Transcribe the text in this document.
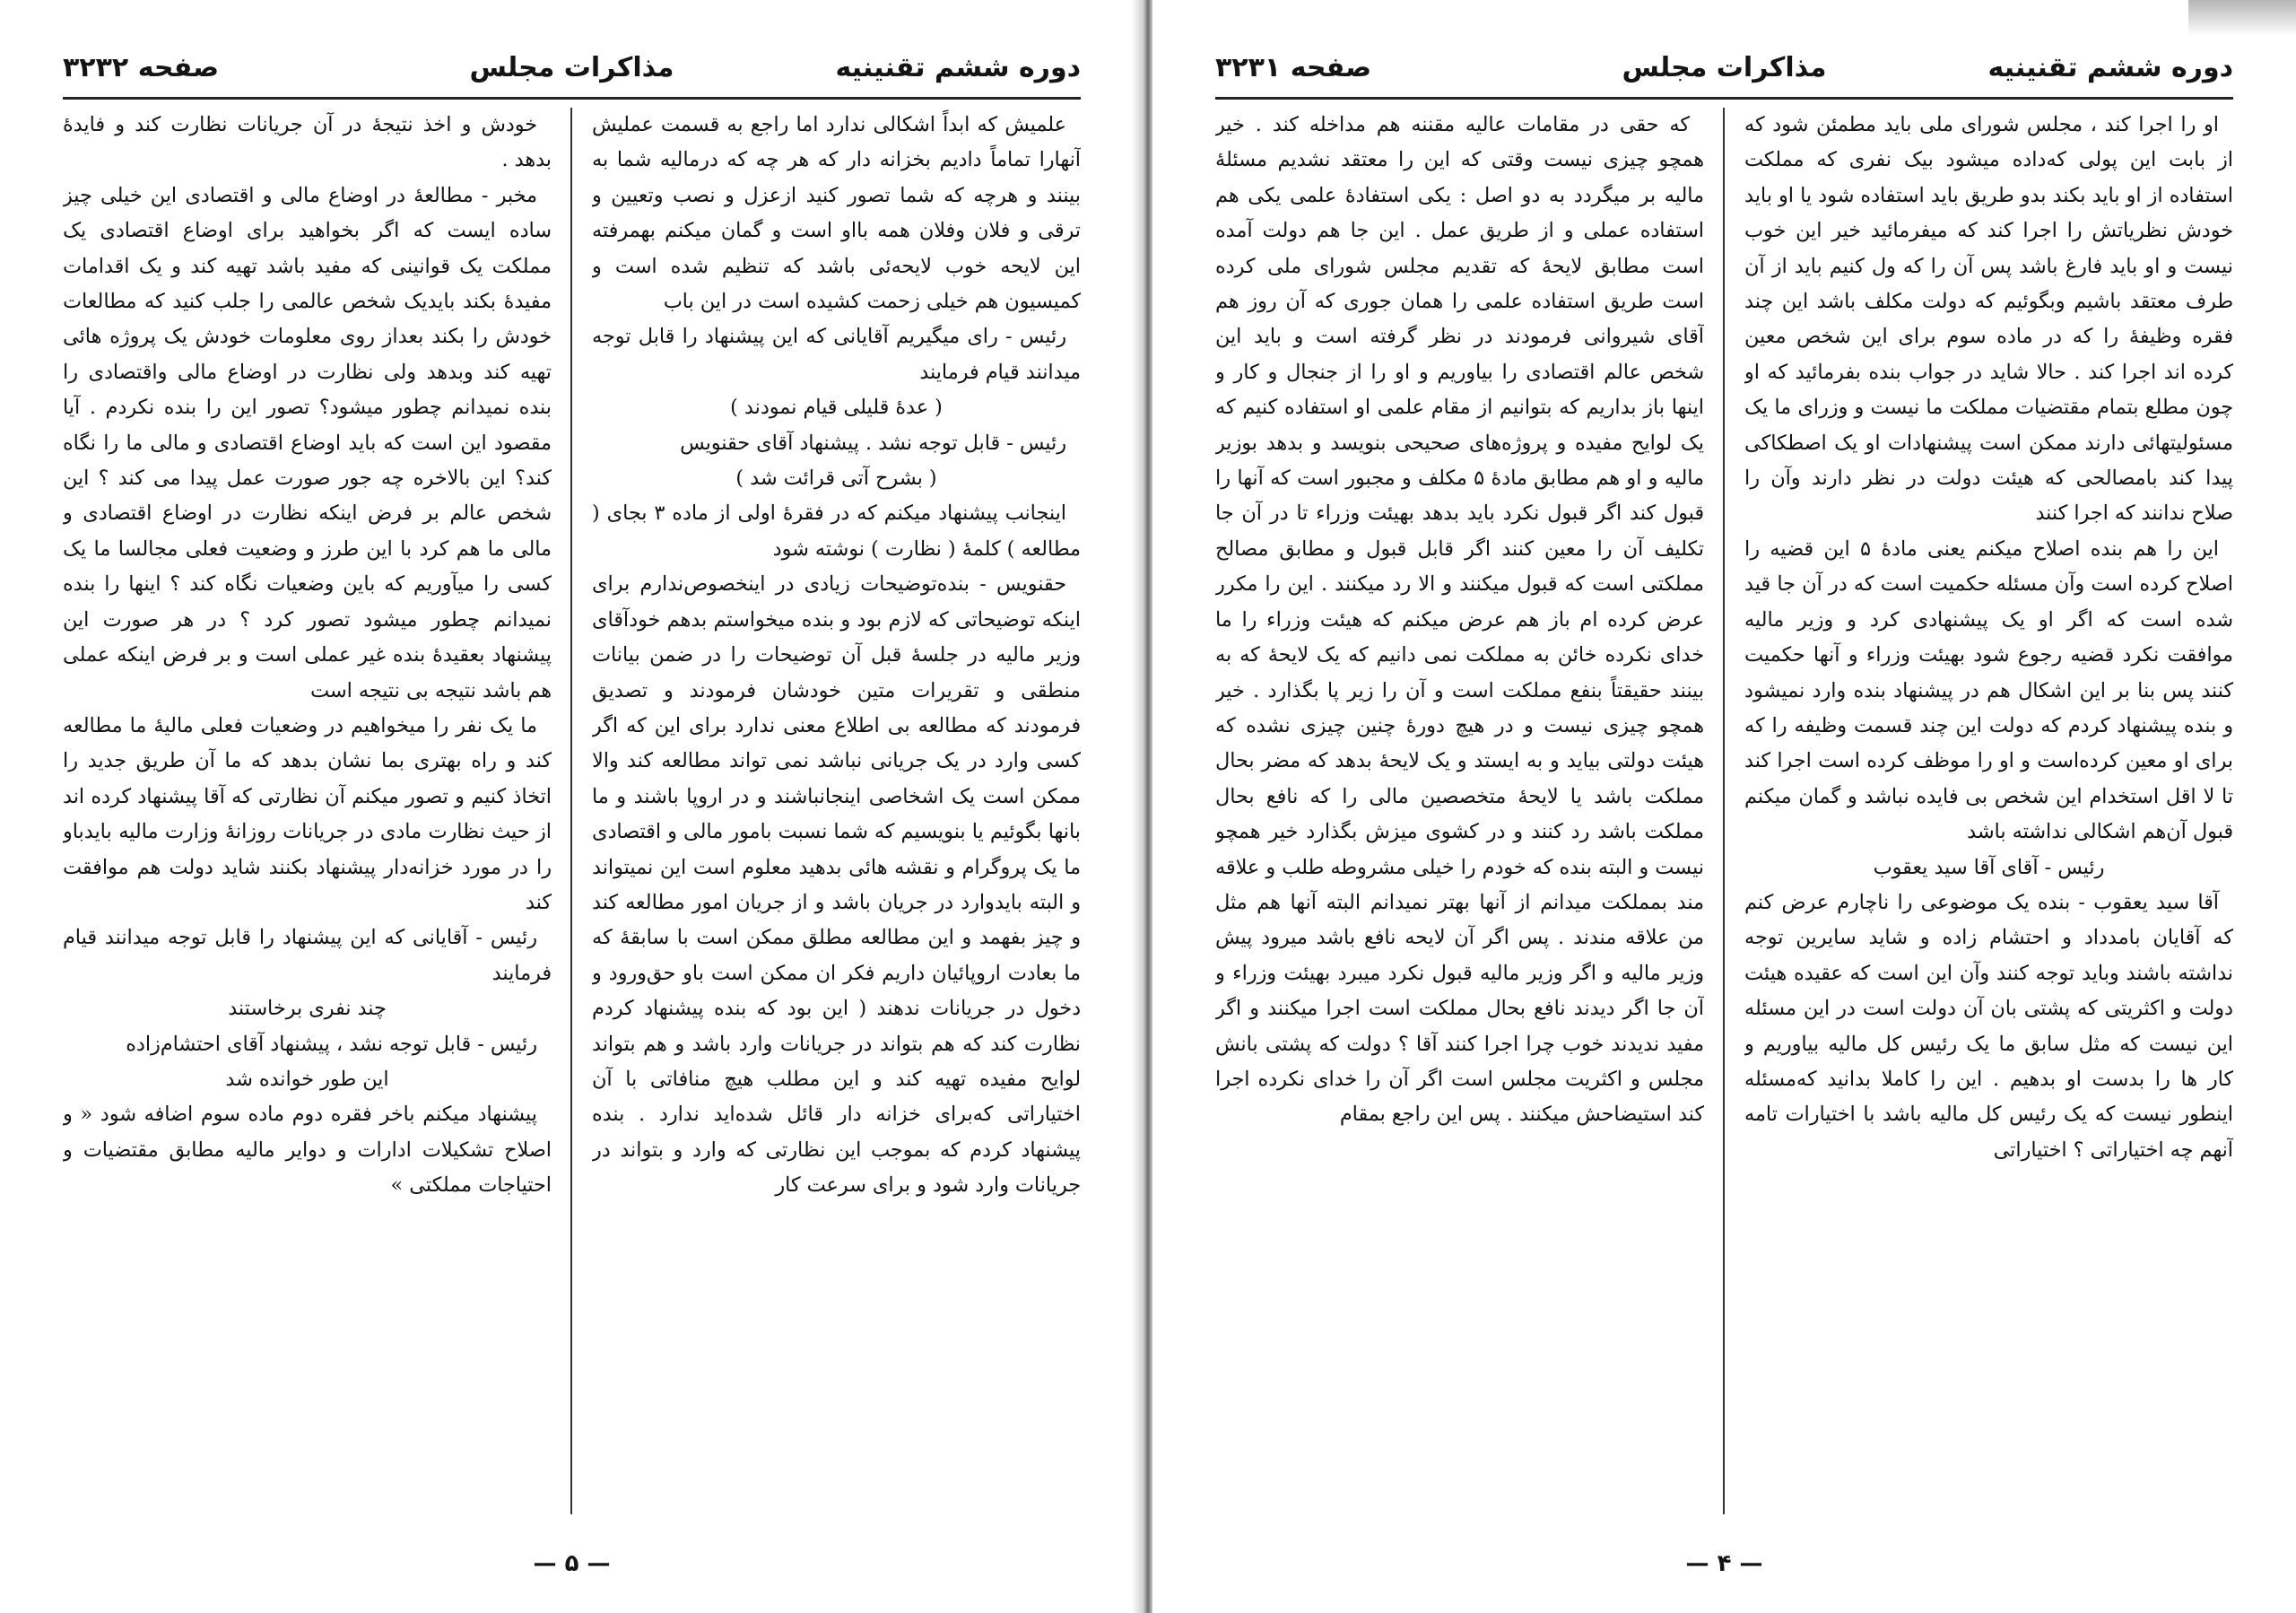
دوره ششم تقنینیه
مذاکرات مجلس
صفحه ۳۲۳۲

علمیش که ابداً اشکالی ندارد اما راجع به قسمت عملیش آنهارا تماماً دادیم بخزانه دار که هر چه که درمالیه شما به بینند و هرچه که شما تصور کنید ازعزل و نصب وتعیین و ترقی و فلان وفلان همه بااو است و گمان میکنم بهمرفته این لایحه خوب لایحه‌ئی باشد که تنظیم شده است و کمیسیون هم خیلی زحمت کشیده است در این باب

رئیس - رای میگیریم آقایانی که این پیشنهاد را قابل توجه میدانند قیام فرمایند

( عدهٔ قلیلی قیام نمودند )

رئیس - قابل توجه نشد . پیشنهاد آقای حقنویس

( بشرح آتی قرائت شد )

اینجانب پیشنهاد میکنم که در فقرهٔ اولی از ماده ۳ بجای ( مطالعه ) کلمهٔ ( نظارت ) نوشته شود

حقنویس - بنده‌توضیحات زیادی در اینخصوص‌ندارم برای اینکه توضیحاتی که لازم بود و بنده میخواستم بدهم خودآقای وزیر مالیه در جلسهٔ قبل آن توضیحات را در ضمن بیانات منطقی و تقریرات متین خودشان فرمودند و تصدیق فرمودند که مطالعه بی اطلاع معنی ندارد برای این که اگر کسی وارد در یک جریانی نباشد نمی تواند مطالعه کند والا ممکن است یک اشخاصی اینجانباشند و در اروپا باشند و ما بانها بگوئیم یا بنویسیم که شما نسبت بامور مالی و اقتصادی ما یک پروگرام و نقشه هائی بدهید معلوم است این نمیتواند و البته بایدوارد در جریان باشد و از جریان امور مطالعه کند و چیز بفهمد و این مطالعه مطلق ممکن است با سابقهٔ که ما بعادت اروپائیان داریم فکر ان ممکن است باو حق‌ورود و دخول در جریانات ندهند ( این بود که بنده پیشنهاد کردم نظارت کند که هم بتواند در جریانات وارد باشد و هم بتواند لوایح مفیده تهیه کند و این مطلب هیچ منافاتی با آن اختیاراتی که‌برای خزانه دار قائل شده‌اید ندارد . بنده پیشنهاد کردم که بموجب این نظارتی که وارد و بتواند در جریانات وارد شود و برای سرعت کار

خودش و اخذ نتیجهٔ در آن جریانات نظارت کند و فایدهٔ بدهد .

مخبر - مطالعهٔ در اوضاع مالی و اقتصادی این خیلی چیز ساده ایست که اگر بخواهید برای اوضاع اقتصادی یک مملکت یک قوانینی که مفید باشد تهیه کند و یک اقدامات مفیدهٔ بکند بایدیک شخص عالمی را جلب کنید که مطالعات خودش را بکند بعداز روی معلومات خودش یک پروژه هائی تهیه کند وبدهد ولی نظارت در اوضاع مالی واقتصادی را بنده نمیدانم چطور میشود؟ تصور این را بنده نکردم . آیا مقصود این است که باید اوضاع اقتصادی و مالی ما را نگاه کند؟ این بالاخره چه جور صورت عمل پیدا می کند ؟ این شخص عالم بر فرض اینکه نظارت در اوضاع اقتصادی و مالی ما هم کرد با این طرز و وضعیت فعلی مجالسا ما یک کسی را میآوریم که باین وضعیات نگاه کند ؟ اینها را بنده نمیدانم چطور میشود تصور کرد ؟ در هر صورت این پیشنهاد بعقیدهٔ بنده غیر عملی است و بر فرض اینکه عملی هم باشد نتیجه بی نتیجه است

ما یک نفر را میخواهیم در وضعیات فعلی مالیهٔ ما مطالعه کند و راه بهتری بما نشان بدهد که ما آن طریق جدید را اتخاذ کنیم و تصور میکنم آن نظارتی که آقا پیشنهاد کرده اند از حیث نظارت مادی در جریانات روزانهٔ وزارت مالیه بایدباو را در مورد خزانه‌دار پیشنهاد بکنند شاید دولت هم موافقت کند

رئیس - آقایانی که این پیشنهاد را قابل توجه میدانند قیام فرمایند

چند نفری برخاستند

رئیس - قابل توجه نشد ، پیشنهاد آقای احتشام‌زاده

این طور خوانده شد

پیشنهاد میکنم باخر فقره دوم ماده سوم اضافه شود « و اصلاح تشکیلات ادارات و دوایر مالیه مطابق مقتضیات و احتیاجات مملکتی »

— ۵ —
دوره ششم تقنینیه
مذاکرات مجلس
صفحه ۳۲۳۱

او را اجرا کند ، مجلس شورای ملی باید مطمئن شود که از بابت این پولی که‌داده میشود بیک نفری که مملکت استفاده از او باید بکند بدو طریق باید استفاده شود یا او باید خودش نظریاتش را اجرا کند که میفرمائید خیر این خوب نیست و او باید فارغ باشد پس آن را که ول کنیم باید از آن طرف معتقد باشیم وبگوئیم که دولت مکلف باشد این چند فقره وظیفهٔ را که در ماده سوم برای این شخص معین کرده اند اجرا کند . حالا شاید در جواب بنده بفرمائید که او چون مطلع بتمام مقتضیات مملکت ما نیست و وزرای ما یک مسئولیتهائی دارند ممکن است پیشنهادات او یک اصطکاکی پیدا کند بامصالحی که هیئت دولت در نظر دارند وآن را صلاح ندانند که اجرا کنند

این را هم بنده اصلاح میکنم یعنی مادهٔ ۵ این قضیه را اصلاح کرده است وآن مسئله حکمیت است که در آن جا قید شده است که اگر او یک پیشنهادی کرد و وزیر مالیه موافقت نکرد قضیه رجوع شود بهیئت وزراء و آنها حکمیت کنند پس بنا بر این اشکال هم در پیشنهاد بنده وارد نمیشود و بنده پیشنهاد کردم که دولت این چند قسمت وظیفه را که برای او معین کرده‌است و او را موظف کرده است اجرا کند تا لا اقل استخدام این شخص بی فایده نباشد و گمان میکنم قبول آن‌هم اشکالی نداشته باشد

رئیس - آقای آقا سید یعقوب

آقا سید یعقوب - بنده یک موضوعی را ناچارم عرض کنم که آقایان بامدداد و احتشام زاده و شاید سایرین توجه نداشته باشند وباید توجه کنند وآن این است که عقیده هیئت دولت و اکثریتی که پشتی بان آن دولت است در این مسئله این نیست که مثل سابق ما یک رئیس کل مالیه بیاوریم و کار ها را بدست او بدهیم . این را کاملا بدانید که‌مسئله اینطور نیست که یک رئیس کل مالیه باشد با اختیارات تامه آنهم چه اختیاراتی ؟ اختیاراتی

که حقی در مقامات عالیه مقننه هم مداخله کند . خیر همچو چیزی نیست وقتی که این را معتقد نشدیم مسئلهٔ مالیه بر میگردد به دو اصل : یکی استفادهٔ علمی یکی هم استفاده عملی و از طریق عمل . این جا هم دولت آمده است مطابق لایحهٔ که تقدیم مجلس شورای ملی کرده است طریق استفاده علمی را همان جوری که آن روز هم آقای شیروانی فرمودند در نظر گرفته است و باید این شخص عالم اقتصادی را بیاوریم و او را از جنجال و کار و اینها باز بداریم که بتوانیم از مقام علمی او استفاده کنیم که یک لوایح مفیده و پروژه‌های صحیحی بنویسد و بدهد بوزیر مالیه و او هم مطابق مادهٔ ۵ مکلف و مجبور است که آنها را قبول کند اگر قبول نکرد باید بدهد بهیئت وزراء تا در آن جا تکلیف آن را معین کنند اگر قابل قبول و مطابق مصالح مملکتی است که قبول میکنند و الا رد میکنند . این را مکرر عرض کرده ام باز هم عرض میکنم که هیئت وزراء را ما خدای نکرده خائن به مملکت نمی دانیم که یک لایحهٔ که به بینند حقیقتاً بنفع مملکت است و آن را زیر پا بگذارد . خیر همچو چیزی نیست و در هیچ دورهٔ چنین چیزی نشده که هیئت دولتی بیاید و به ایستد و یک لایحهٔ بدهد که مضر بحال مملکت باشد یا لایحهٔ متخصصین مالی را که نافع بحال مملکت باشد رد کنند و در کشوی میزش بگذارد خیر همچو نیست و البته بنده که خودم را خیلی مشروطه طلب و علاقه مند بمملکت میدانم از آنها بهتر نمیدانم البته آنها هم مثل من علاقه مندند . پس اگر آن لایحه نافع باشد میرود پیش وزیر مالیه و اگر وزیر مالیه قبول نکرد میبرد بهیئت وزراء و آن جا اگر دیدند نافع بحال مملکت است اجرا میکنند و اگر مفید ندیدند خوب چرا اجرا کنند آقا ؟ دولت که پشتی بانش مجلس و اکثریت مجلس است اگر آن را خدای نکرده اجرا کند استیضاحش میکنند . پس این راجع بمقام

— ۴ —
